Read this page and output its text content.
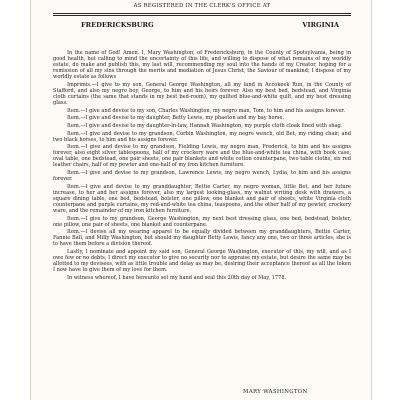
AS REGISTERED IN THE CLERK'S OFFICE AT
FREDERICKSBURG	VIRGINIA

In the name of God! Amen. I, Mary Washington, of Fredericksburg, in the County of Spotsylvania, being in good health, but calling to mind the uncertainty of this life, and willing to dispose of what remains of my worldly estate, do make and publish this, my last will, recommending my soul into the hands of my Creator, hoping for a remission of all my sins through the merits and mediation of Jesus Christ, the Saviour of mankind; I dispose of my worldly estate as follows

Imprimis.—I give to my son, General George Washington, all my land in Accokeek Run, in the County of Stafford, and also my negro boy, George, to him and his heirs forever. Also my best bed, bedstead, and Virginia cloth curtains (the same that stands in my best bed-room), my quilted blue-and-white quilt, and my best dressing glass.

Item.—I give and devise to my son, Charles Washington, my negro man, Tom, to him and his assigns forever.

Item.—I give and devise to my daughter, Betty Lewis, my phaeton and my bay horse.

Item.—I give and devise to my daughter-in-law, Hannah Washington, my purple cloth cloak lined with shag.

Item.—I give and devise to my grandson, Corbin Washington, my negro wench, old Bet, my riding chair, and two black horses, to him and his assigns forever.

Item.—I give and devise to my grandson, Fielding Lewis, my negro man, Frederick, to him and his assigns forever, also eight silver tablespoons, half of my crockery ware and the blue-and-white tea china, with book case, oval table, one bedstead, one pair sheets, one pair blankets and white cotton counterpane, two table cloths, six red leather chairs, half of my pewter and one-half of my iron kitchen furniture.

Item.—I give and devise to my grandson, Lawrence Lewis, my negro wench, Lydia, to him and his assigns forever.

Item.—I give and devise to my granddaughter, Bettie Carter, my negro woman, little Bet, and her future increase, to her and her assigns forever, also my largest looking-glass, my walnut writing desk with drawers, a square dining table, one bed, bedstead, bolster, one pillow, one blanket and pair of sheets, white Virginia cloth counterpane and purple curtains, my red-and-white tea china, teaspoons, and the other half of my pewter, crockery ware, and the remainder of my iron kitchen furniture.

Item.—I give to my grandson, George Washington, my next best dressing glass, one bed, bedstead, bolster, one pillow, one pair of sheets, one blanket and counterpane.

Item.—I devise all my wearing apparel to be equally divided between my granddaughters, Bettie Carter, Fannie Ball, and Milly Washington, but should my daughter Betty Lewis, fancy any one, two or three articles, she is to have them before a division thereof.

Lastly, I nominate and appoint my said son, General George Washington, executor of this, my will, and as I owe few or no debts, I direct my executor to give no security nor to appraise my estate, but desire the same may be allotted to my devisees, with as little trouble and delay as may be, desiring their acceptance thereof as all the token I now have to give them of my love for them.

In witness whereof, I have hereunto set my hand and seal this 20th day of May, 1778.

MARY WASHINGTON
